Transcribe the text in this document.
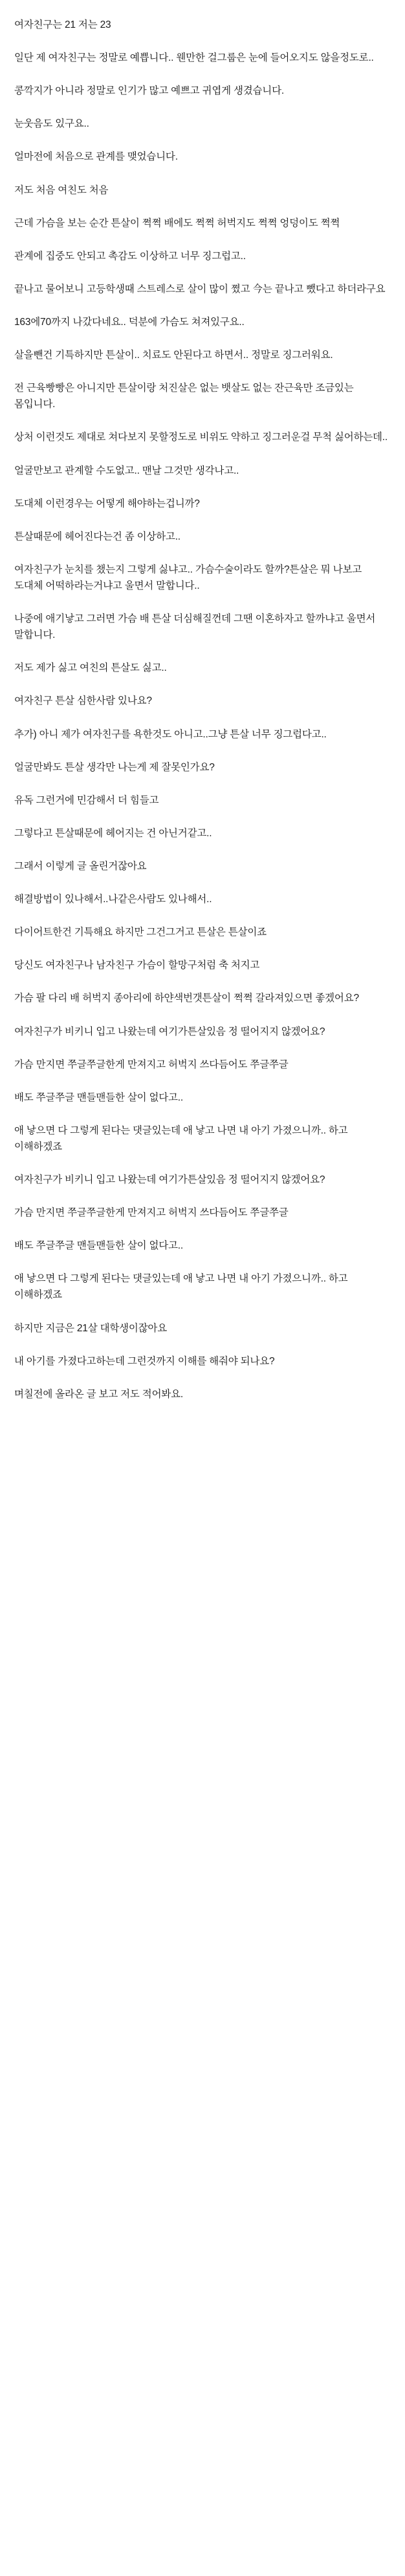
여자친구는 21 저는 23

일단 제 여자친구는 정말로 예쁩니다.. 웬만한 걸그룹은 눈에 들어오지도 않을정도로..

콩깍지가 아니라 정말로 인기가 많고 예쁘고 귀엽게 생겼습니다.

눈웃음도 있구요..

얼마전에 처음으로 관계를 맺었습니다.

저도 처음 여친도 처음

근데 가슴을 보는 순간 튼살이 쩍쩍 배에도 쩍쩍 허벅지도 쩍쩍 엉덩이도 쩍쩍

관계에 집중도 안되고 촉감도 이상하고 너무 징그럽고..

끝나고 물어보니 고등학생때 스트레스로 살이 많이 쪘고 今는 끝나고 뺐다고 하더라구요

163에70까지 나갔다네요.. 덕분에 가슴도 쳐져있구요..

살을뺀건 기특하지만 튼살이.. 치료도 안된다고 하면서.. 정말로 징그러워요.

전 근육빵빵은 아니지만 튼살이랑 처진살은 없는 뱃살도 없는 잔근육만 조금있는 몸입니다.

상처 이런것도 제대로 쳐다보지 못할정도로 비위도 약하고 징그러운걸 무척 싫어하는데..

얼굴만보고 관계할 수도없고.. 맨날 그것만 생각나고..

도대체 이런경우는 어떻게 해야하는겁니까?

튼살때문에 헤어진다는건 좀 이상하고..

여자친구가 눈치를 챘는지 그렇게 싫냐고.. 가슴수술이라도 할까?튼살은 뭐 나보고 도대체 어떡하라는거냐고 울면서 말합니다..

나중에 애기낳고 그러면 가슴 배 튼살 더심해질껀데 그땐 이혼하자고 할까냐고 울면서 말합니다.

저도 제가 싫고 여친의 튼살도 싫고..

여자친구 튼살 심한사람 있나요?

추가) 아니 제가 여자친구를 욕한것도 아니고..그냥 튼살 너무 징그럽다고..

얼굴만봐도 튼살 생각만 나는게 제 잘못인가요?

유독 그런거에 민감해서 더 힘들고

그렇다고 튼살때문에 헤어지는 건 아닌거같고..

그래서 이렇게 글 올린거잖아요

해결방법이 있나해서..나같은사람도 있나해서..

다이어트한건 기특해요 하지만 그건그거고 튼살은 튼살이죠

당신도 여자친구나 남자친구 가슴이 할망구처럼 축 처지고

가슴 팔 다리 배 허벅지 종아리에 하얀색번갯튼살이 쩍쩍 갈라져있으면 좋겠어요?

여자친구가 비키니 입고 나왔는데 여기가튼살있음 정 떨어지지 않겠어요?

가슴 만지면 쭈글쭈글한게 만져지고 허벅지 쓰다듬어도 쭈글쭈글

배도 쭈글쭈글 맨들맨들한 살이 없다고..

애 낳으면 다 그렇게 된다는 댓글있는데 애 낳고 나면 내 아기 가졌으니까.. 하고 이해하겠죠

여자친구가 비키니 입고 나왔는데 여기가튼살있음 정 떨어지지 않겠어요?

가슴 만지면 쭈글쭈글한게 만져지고 허벅지 쓰다듬어도 쭈글쭈글

배도 쭈글쭈글 맨들맨들한 살이 없다고..

애 낳으면 다 그렇게 된다는 댓글있는데 애 낳고 나면 내 아기 가졌으니까.. 하고 이해하겠죠

하지만 지금은 21살 대학생이잖아요

내 아기를 가졌다고하는데 그런것까지 이해를 해줘야 되나요?

며칠전에 올라온 글 보고 저도 적어봐요.
